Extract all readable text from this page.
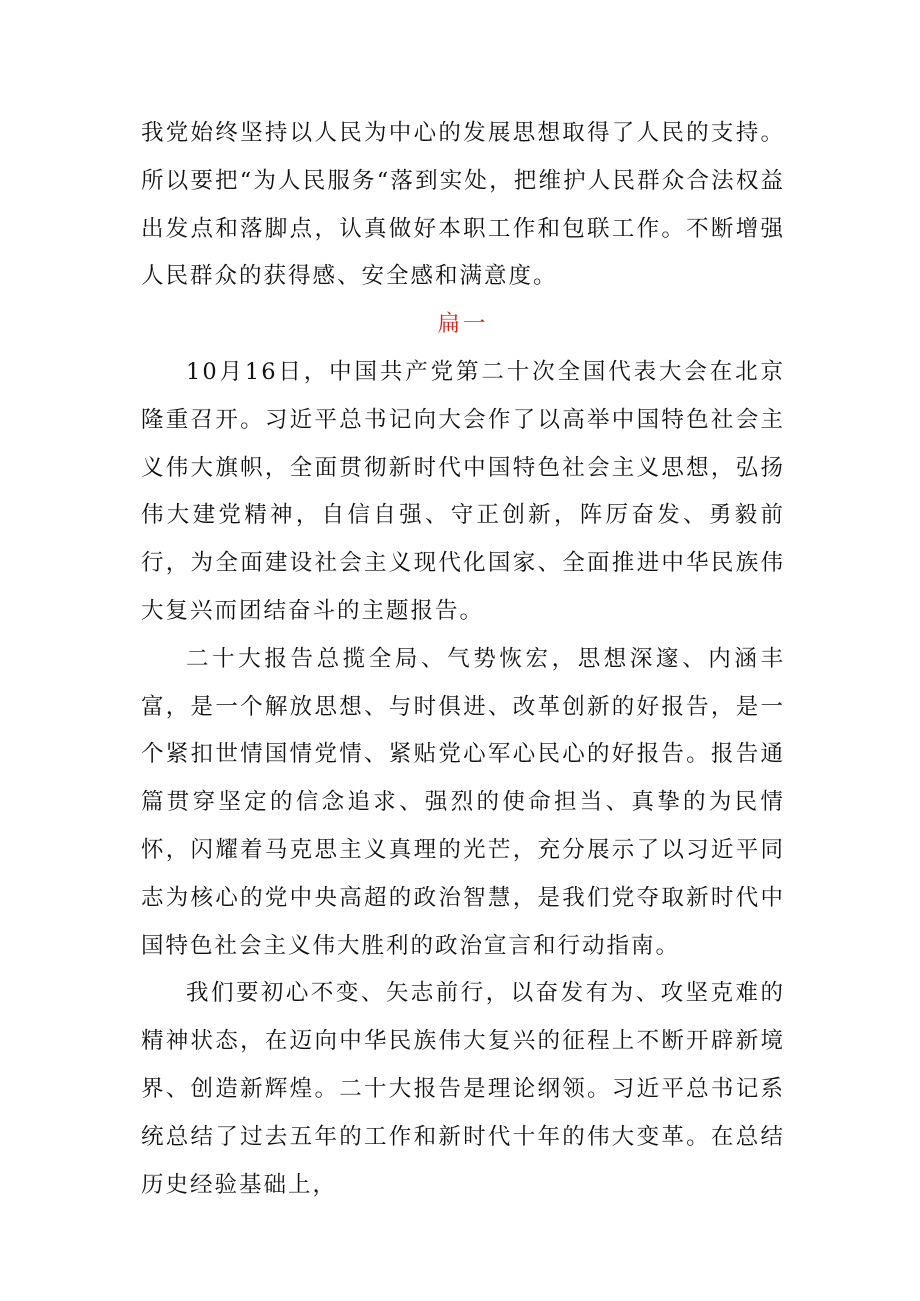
我党始终坚持以人民为中心的发展思想取得了人民的支持。所以要把“为人民服务“落到实处，把维护人民群众合法权益出发点和落脚点，认真做好本职工作和包联工作。不断增强人民群众的获得感、安全感和满意度。

扁一

10月16日，中国共产党第二十次全国代表大会在北京隆重召开。习近平总书记向大会作了以高举中国特色社会主义伟大旗帜，全面贯彻新时代中国特色社会主义思想，弘扬伟大建党精神，自信自强、守正创新，阵厉奋发、勇毅前行，为全面建设社会主义现代化国家、全面推进中华民族伟大复兴而团结奋斗的主题报告。

二十大报告总揽全局、气势恢宏，思想深邃、内涵丰富，是一个解放思想、与时俱进、改革创新的好报告，是一个紧扣世情国情党情、紧贴党心军心民心的好报告。报告通篇贯穿坚定的信念追求、强烈的使命担当、真挚的为民情怀，闪耀着马克思主义真理的光芒，充分展示了以习近平同志为核心的党中央高超的政治智慧，是我们党夺取新时代中国特色社会主义伟大胜利的政治宣言和行动指南。

我们要初心不变、矢志前行，以奋发有为、攻坚克难的精神状态，在迈向中华民族伟大复兴的征程上不断开辟新境界、创造新辉煌。二十大报告是理论纲领。习近平总书记系统总结了过去五年的工作和新时代十年的伟大变革。在总结历史经验基础上，
